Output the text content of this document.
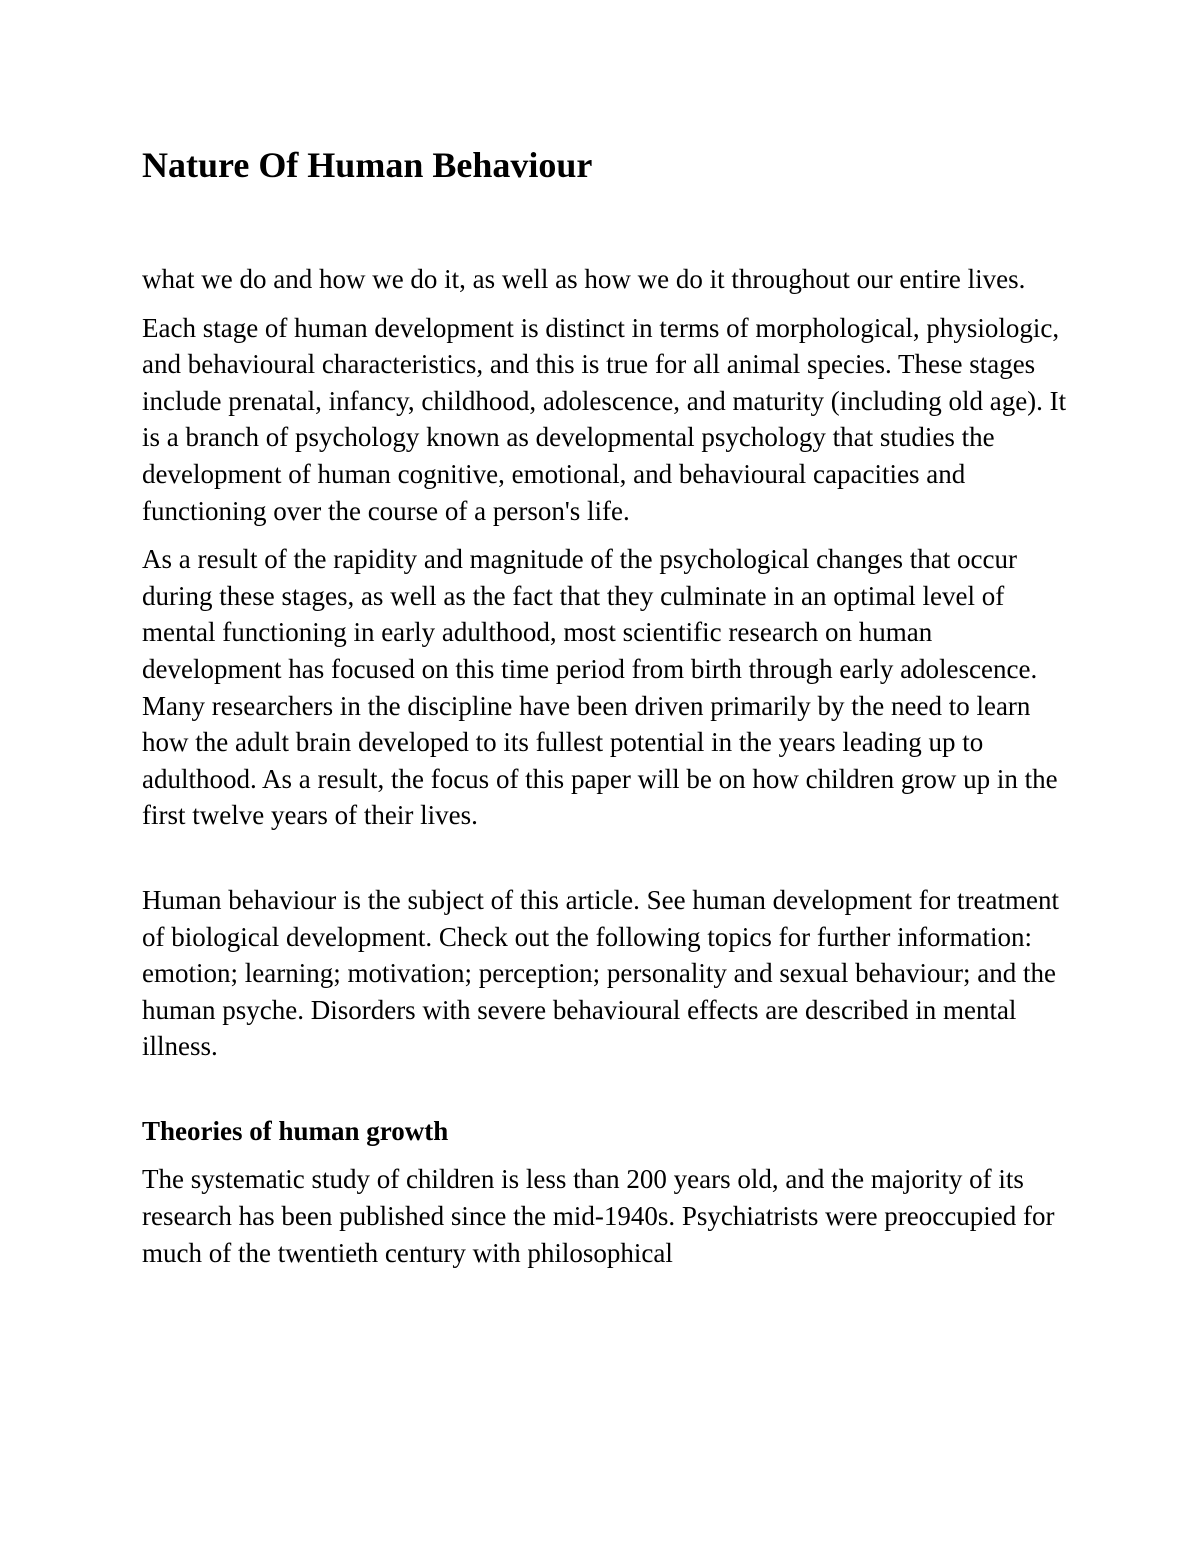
Nature Of Human Behaviour

what we do and how we do it, as well as how we do it throughout our entire lives.

Each stage of human development is distinct in terms of morphological, physiologic, and behavioural characteristics, and this is true for all animal species. These stages include prenatal, infancy, childhood, adolescence, and maturity (including old age). It is a branch of psychology known as developmental psychology that studies the development of human cognitive, emotional, and behavioural capacities and functioning over the course of a person's life.

As a result of the rapidity and magnitude of the psychological changes that occur during these stages, as well as the fact that they culminate in an optimal level of mental functioning in early adulthood, most scientific research on human development has focused on this time period from birth through early adolescence. Many researchers in the discipline have been driven primarily by the need to learn how the adult brain developed to its fullest potential in the years leading up to adulthood. As a result, the focus of this paper will be on how children grow up in the first twelve years of their lives.

Human behaviour is the subject of this article. See human development for treatment of biological development. Check out the following topics for further information: emotion; learning; motivation; perception; personality and sexual behaviour; and the human psyche. Disorders with severe behavioural effects are described in mental illness.

Theories of human growth

The systematic study of children is less than 200 years old, and the majority of its research has been published since the mid-1940s. Psychiatrists were preoccupied for much of the twentieth century with philosophical
